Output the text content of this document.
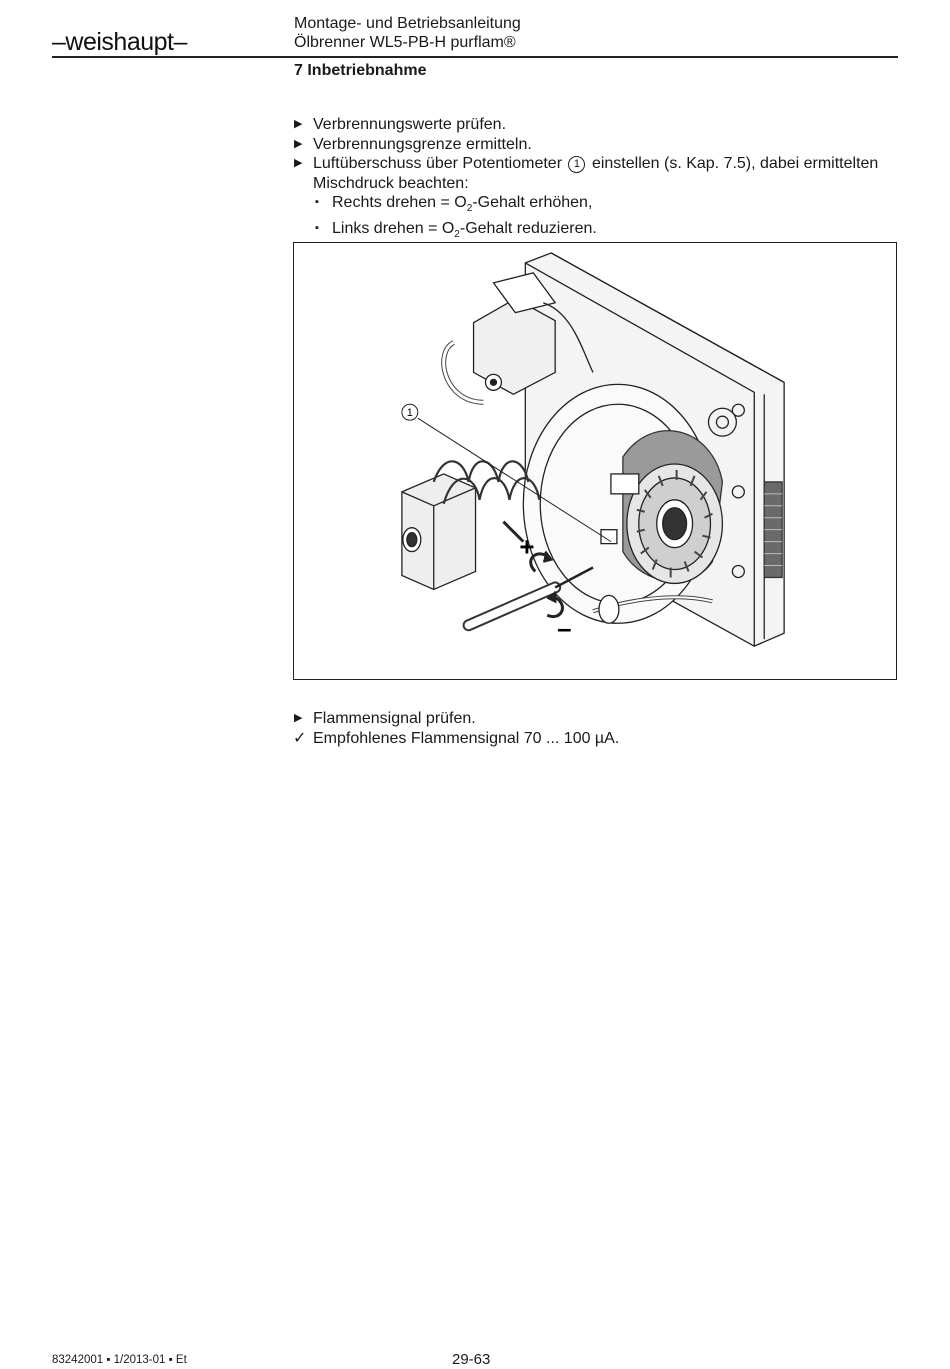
–weishaupt–
Montage- und Betriebsanleitung
Ölbrenner WL5-PB-H purflam®
7 Inbetriebnahme
▶ Verbrennungswerte prüfen.
▶ Verbrennungsgrenze ermitteln.
▶ Luftüberschuss über Potentiometer 1 einstellen (s. Kap. 7.5), dabei ermittelten
Mischdruck beachten:
▪ Rechts drehen = $O_2$-Gehalt erhöhen,
▪ Links drehen = $O_2$-Gehalt reduzieren.
1
+
–
▶ Flammensignal prüfen.
✓ Empfohlenes Flammensignal 70 ... 100 µA.
83242001 ▪ 1/2013-01 ▪ Et	29-63
